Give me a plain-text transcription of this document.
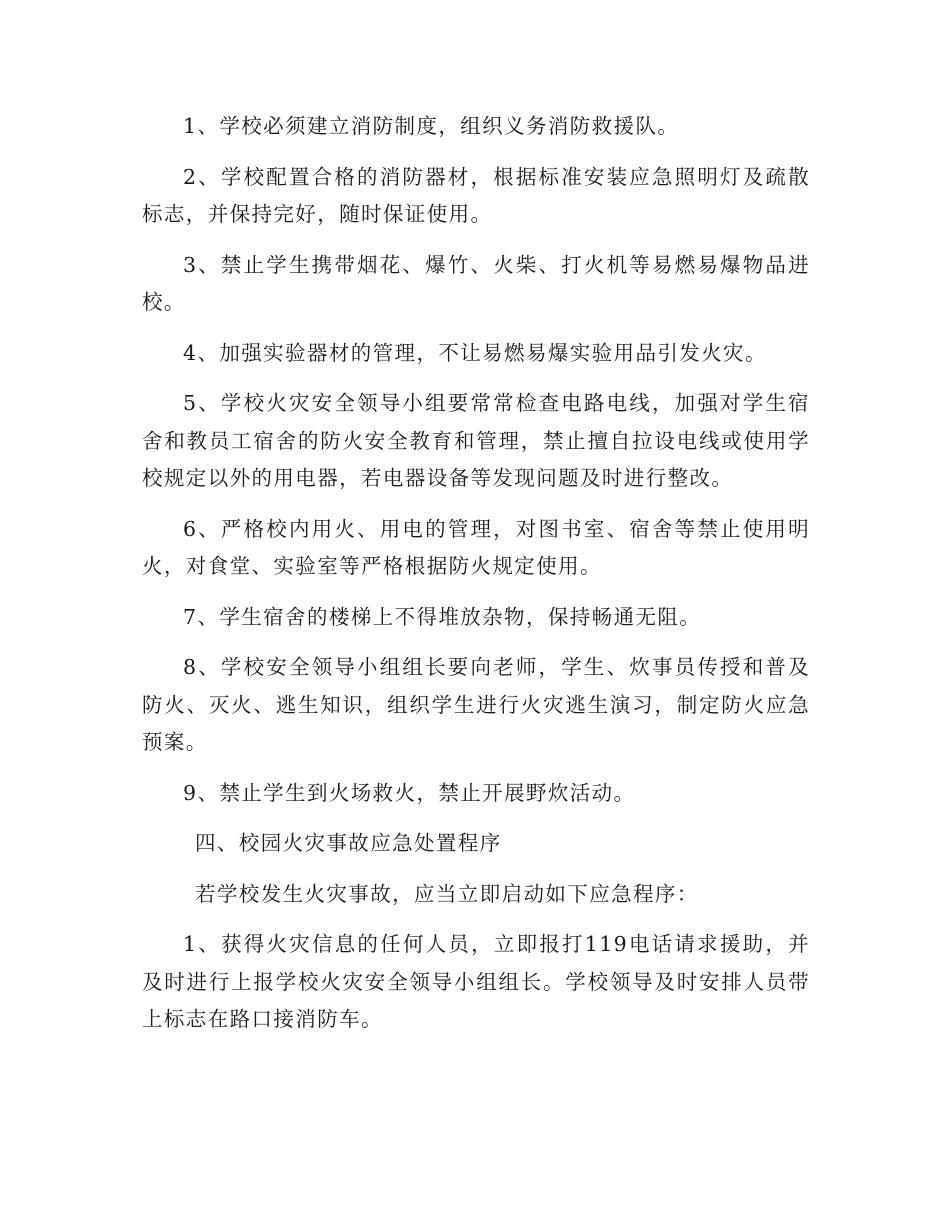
1、学校必须建立消防制度，组织义务消防救援队。

2、学校配置合格的消防器材，根据标准安装应急照明灯及疏散标志，并保持完好，随时保证使用。

3、禁止学生携带烟花、爆竹、火柴、打火机等易燃易爆物品进校。

4、加强实验器材的管理，不让易燃易爆实验用品引发火灾。

5、学校火灾安全领导小组要常常检查电路电线，加强对学生宿舍和教员工宿舍的防火安全教育和管理，禁止擅自拉设电线或使用学校规定以外的用电器，若电器设备等发现问题及时进行整改。

6、严格校内用火、用电的管理，对图书室、宿舍等禁止使用明火，对食堂、实验室等严格根据防火规定使用。

7、学生宿舍的楼梯上不得堆放杂物，保持畅通无阻。

8、学校安全领导小组组长要向老师，学生、炊事员传授和普及防火、灭火、逃生知识，组织学生进行火灾逃生演习，制定防火应急预案。

9、禁止学生到火场救火，禁止开展野炊活动。

四、校园火灾事故应急处置程序

若学校发生火灾事故，应当立即启动如下应急程序：

1、获得火灾信息的任何人员，立即报打119电话请求援助，并及时进行上报学校火灾安全领导小组组长。学校领导及时安排人员带上标志在路口接消防车。
